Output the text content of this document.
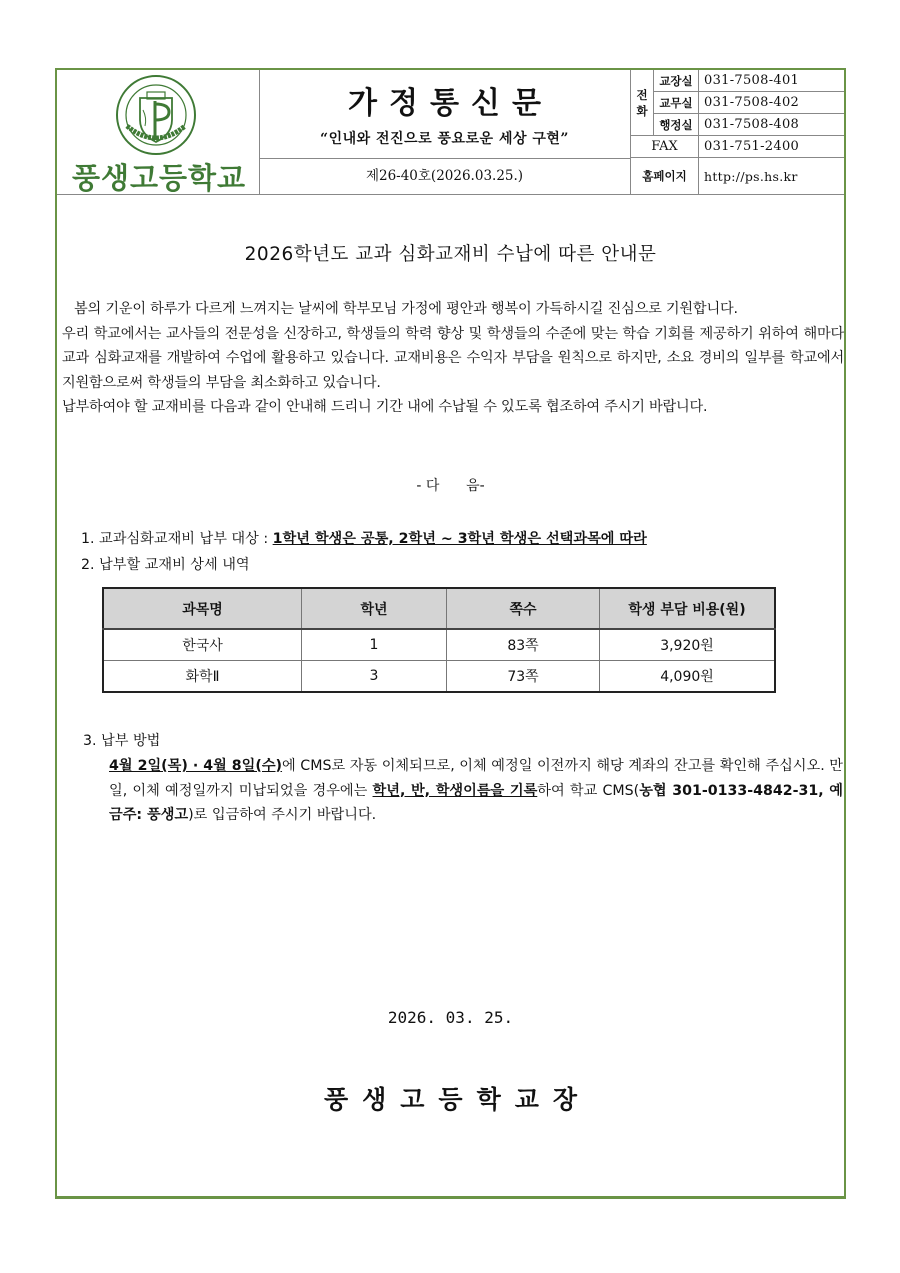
풍생고등학교
가정통신문
“인내와 전진으로 풍요로운 세상 구현”
제26-40호(2026.03.25.)
전화	교장실	031-7508-401
	교무실	031-7508-402
	행정실	031-7508-408
FAX		031-751-2400
홈페이지		http://ps.hs.kr
2026학년도 교과 심화교재비 수납에 따른 안내문

봄의 기운이 하루가 다르게 느껴지는 날씨에 학부모님 가정에 평안과 행복이 가득하시길 진심으로 기원합니다.

우리 학교에서는 교사들의 전문성을 신장하고, 학생들의 학력 향상 및 학생들의 수준에 맞는 학습 기회를 제공하기 위하여 해마다 교과 심화교재를 개발하여 수업에 활용하고 있습니다. 교재비용은 수익자 부담을 원칙으로 하지만, 소요 경비의 일부를 학교에서 지원함으로써 학생들의 부담을 최소화하고 있습니다.

납부하여야 할 교재비를 다음과 같이 안내해 드리니 기간 내에 수납될 수 있도록 협조하여 주시기 바랍니다.

- 다      음-
1. 교과심화교재비 납부 대상 : 1학년 학생은 공통, 2학년 ~ 3학년 학생은 선택과목에 따라
2. 납부할 교재비 상세 내역
과목명	학년	쪽수	학생 부담 비용(원)
한국사	1	83쪽	3,920원
화학Ⅱ	3	73쪽	4,090원
3. 납부 방법

4월 2일(목) · 4월 8일(수)에 CMS로 자동 이체되므로, 이체 예정일 이전까지 해당 계좌의 잔고를 확인해 주십시오. 만일, 이체 예정일까지 미납되었을 경우에는 학년, 반, 학생이름을 기록하여 학교 CMS(농협 301-0133-4842-31, 예금주: 풍생고)로 입금하여 주시기 바랍니다.

2026. 03. 25.
풍생고등학교장
